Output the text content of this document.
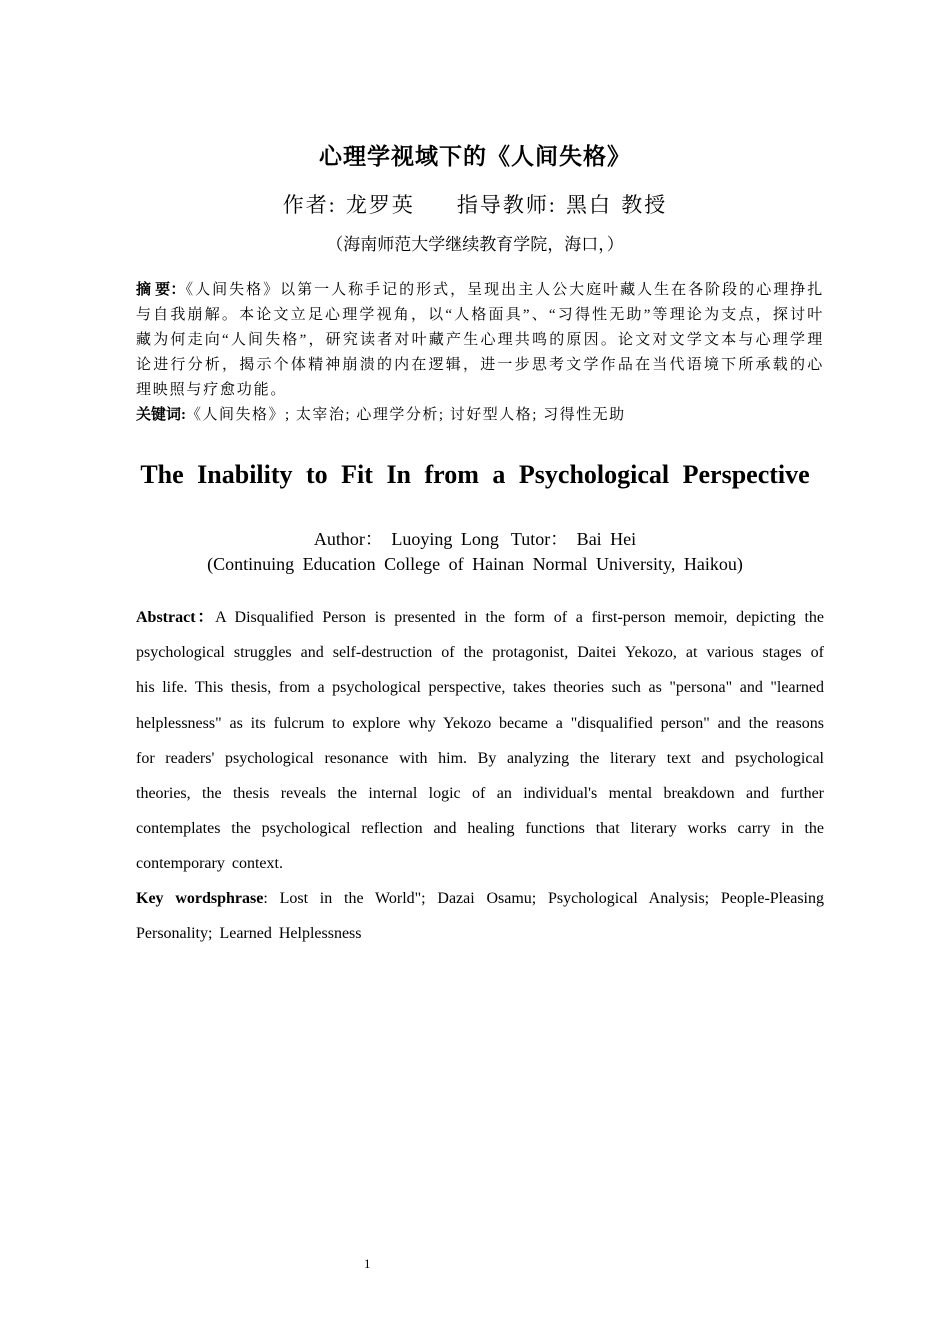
心理学视域下的《人间失格》
作者: 龙罗英 指导教师: 黑白 教授
（海南师范大学继续教育学院，海口，）
摘 要：《人间失格》以第一人称手记的形式，呈现出主人公大庭叶藏人生在各阶段的心理挣扎与自我崩解。本论文立足心理学视角，以“人格面具”、“习得性无助”等理论为支点，探讨叶藏为何走向“人间失格”，研究读者对叶藏产生心理共鸣的原因。论文对文学文本与心理学理论进行分析，揭示个体精神崩溃的内在逻辑，进一步思考文学作品在当代语境下所承载的心理映照与疗愈功能。
关键词:《人间失格》; 太宰治; 心理学分析; 讨好型人格; 习得性无助
The Inability to Fit In from a Psychological Perspective
Author： Luoying Long Tutor： Bai Hei
(Continuing Education College of Hainan Normal University, Haikou)
Abstract：A Disqualified Person is presented in the form of a first-person memoir, depicting the psychological struggles and self-destruction of the protagonist, Daitei Yekozo, at various stages of his life. This thesis, from a psychological perspective, takes theories such as "persona" and "learned helplessness" as its fulcrum to explore why Yekozo became a "disqualified person" and the reasons for readers' psychological resonance with him. By analyzing the literary text and psychological theories, the thesis reveals the internal logic of an individual's mental breakdown and further contemplates the psychological reflection and healing functions that literary works carry in the contemporary context.
Key wordsphrase: Lost in the World"; Dazai Osamu; Psychological Analysis; People-Pleasing Personality; Learned Helplessness
1
